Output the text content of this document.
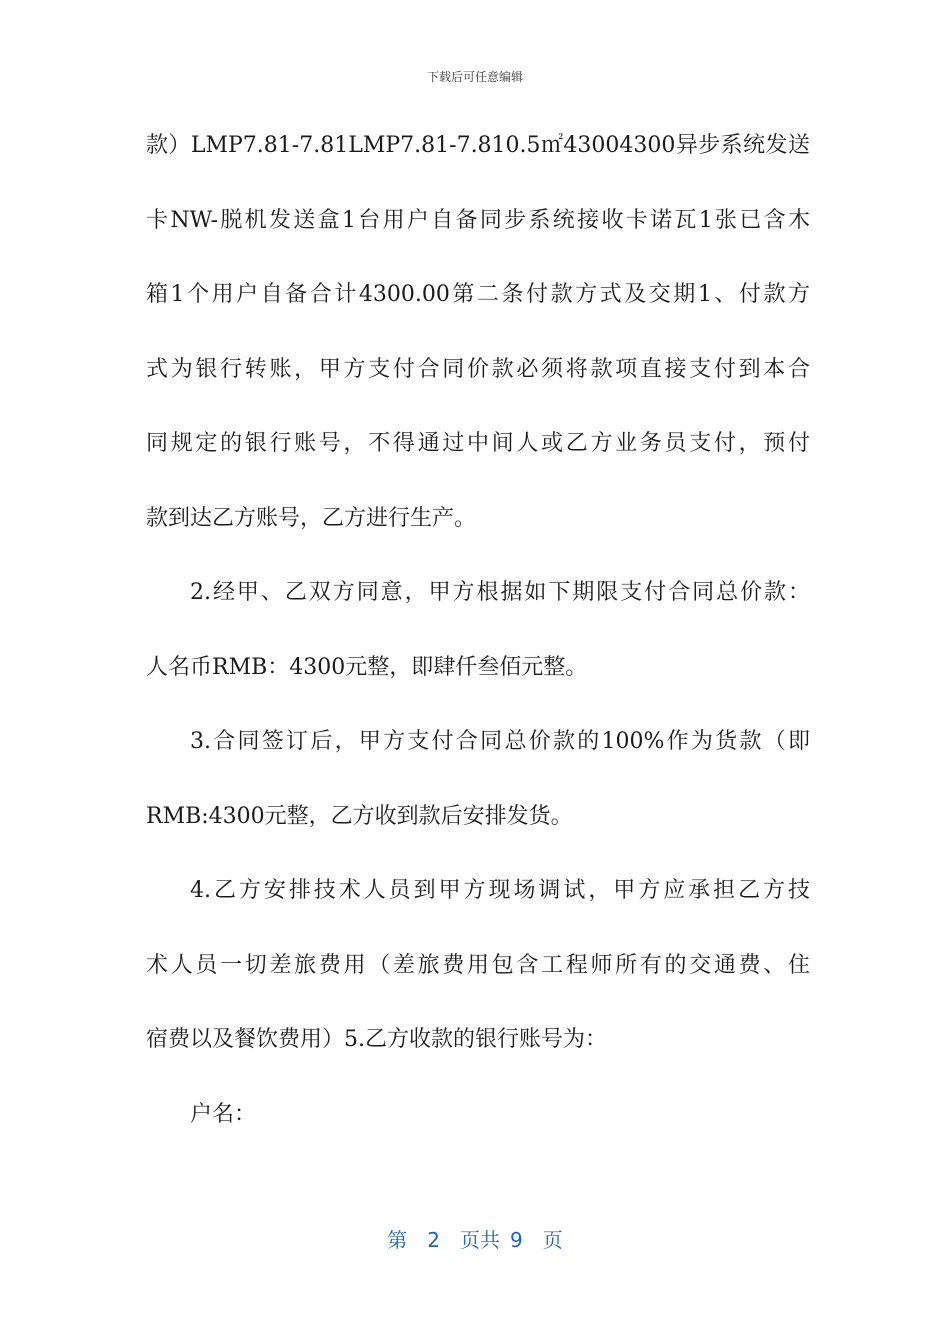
下载后可任意编辑
款）LMP7.81-7.81LMP7.81-7.810.5㎡43004300异步系统发送
卡NW-脱机发送盒1台用户自备同步系统接收卡诺瓦1张已含木
箱1个用户自备合计4300.00第二条付款方式及交期1、付款方
式为银行转账，甲方支付合同价款必须将款项直接支付到本合
同规定的银行账号，不得通过中间人或乙方业务员支付，预付
款到达乙方账号，乙方进行生产。
2.经甲、乙双方同意，甲方根据如下期限支付合同总价款：
人名币RMB：4300元整，即肆仟叁佰元整。
3.合同签订后，甲方支付合同总价款的100%作为货款（即
RMB:4300元整，乙方收到款后安排发货。
4.乙方安排技术人员到甲方现场调试，甲方应承担乙方技
术人员一切差旅费用（差旅费用包含工程师所有的交通费、住
宿费以及餐饮费用）5.乙方收款的银行账号为：
户名：
第 2 页共 9 页
